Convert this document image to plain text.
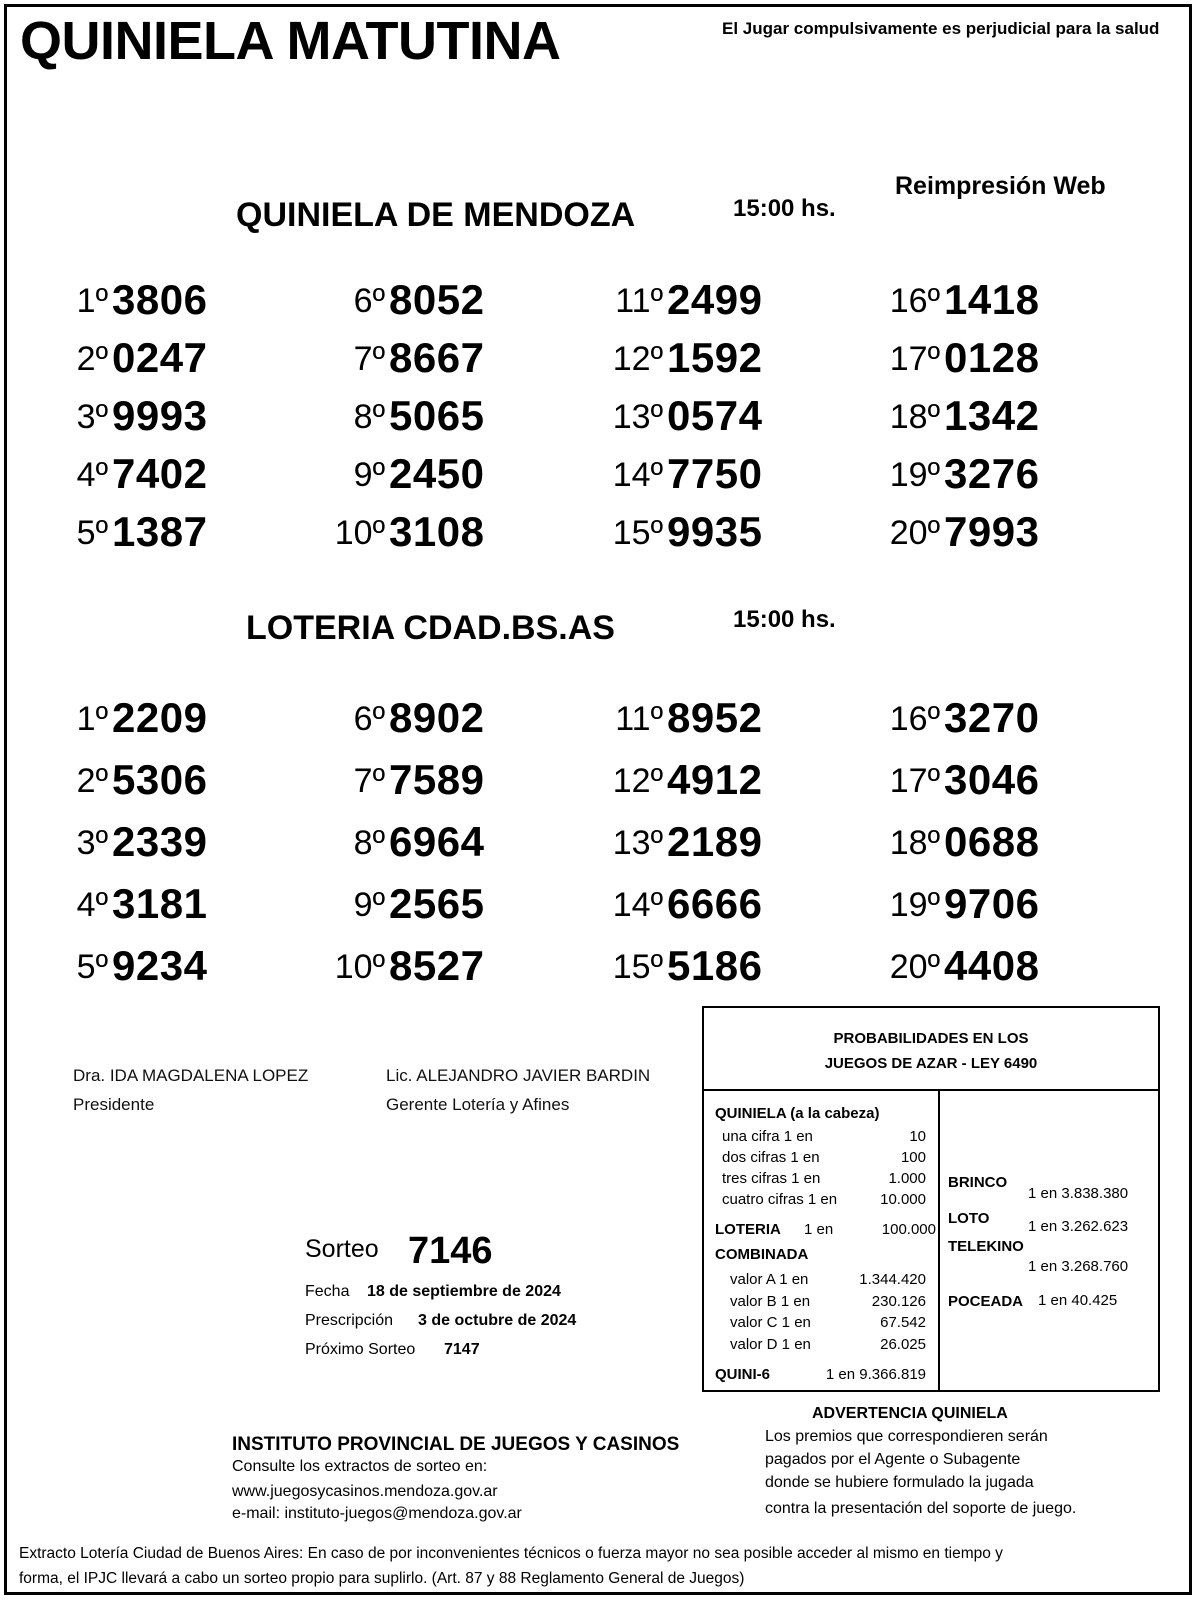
QUINIELA MATUTINA	El Jugar compulsivamente es perjudicial para la salud
Reimpresión Web
QUINIELA DE MENDOZA	15:00 hs.
1º 3806
2º 0247
3º 9993
4º 7402
5º 1387
6º 8052
7º 8667
8º 5065
9º 2450
10º 3108
11º 2499
12º 1592
13º 0574
14º 7750
15º 9935
16º 1418
17º 0128
18º 1342
19º 3276
20º 7993
LOTERIA CDAD.BS.AS	15:00 hs.
1º 2209
2º 5306
3º 2339
4º 3181
5º 9234
6º 8902
7º 7589
8º 6964
9º 2565
10º 8527
11º 8952
12º 4912
13º 2189
14º 6666
15º 5186
16º 3270
17º 3046
18º 0688
19º 9706
20º 4408
Dra. IDA MAGDALENA LOPEZ
Presidente
Lic. ALEJANDRO JAVIER BARDIN
Gerente Lotería y Afines
Sorteo 7146
Fecha 18 de septiembre de 2024
Prescripción 3 de octubre de 2024
Próximo Sorteo 7147
PROBABILIDADES EN LOS
JUEGOS DE AZAR - LEY 6490
QUINIELA (a la cabeza)
una cifra 1 en	10
dos cifras 1 en	100
tres cifras 1 en	1.000
cuatro cifras 1 en	10.000
LOTERIA 1 en	100.000
COMBINADA
valor A 1 en	1.344.420
valor B 1 en	230.126
valor C 1 en	67.542
valor D 1 en	26.025
QUINI-6	1 en 9.366.819
BRINCO
1 en 3.838.380
LOTO	1 en 3.262.623
TELEKINO
1 en 3.268.760
POCEADA 1 en 40.425
INSTITUTO PROVINCIAL DE JUEGOS Y CASINOS
Consulte los extractos de sorteo en:
www.juegosycasinos.mendoza.gov.ar
e-mail: instituto-juegos@mendoza.gov.ar
ADVERTENCIA QUINIELA
Los premios que correspondieren serán
pagados por el Agente o Subagente
donde se hubiere formulado la jugada
contra la presentación del soporte de juego.
Extracto Lotería Ciudad de Buenos Aires: En caso de por inconvenientes técnicos o fuerza mayor no sea posible acceder al mismo en tiempo y
forma, el IPJC llevará a cabo un sorteo propio para suplirlo. (Art. 87 y 88 Reglamento General de Juegos)
